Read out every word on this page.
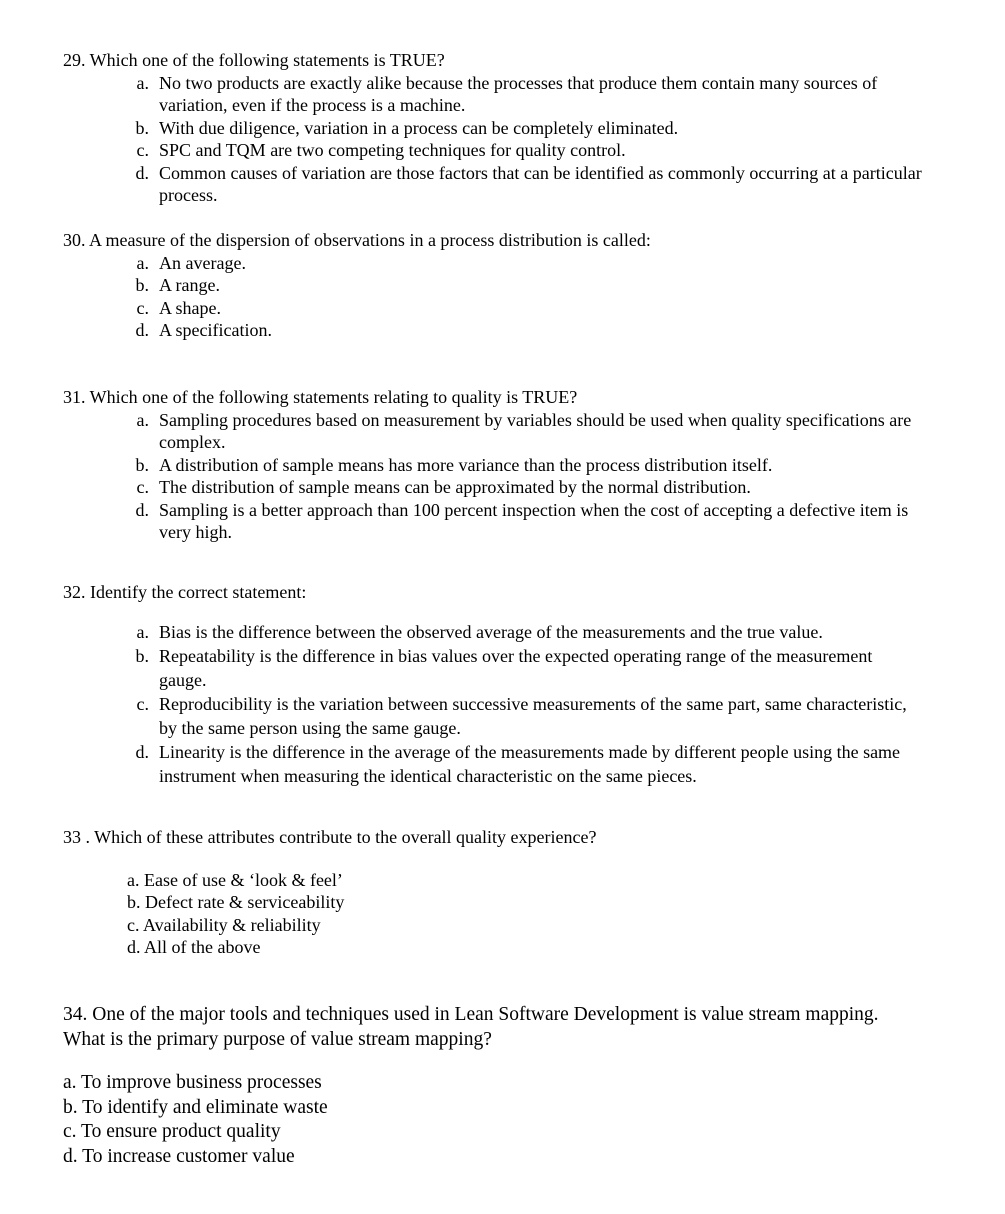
29. Which one of the following statements is TRUE?

a. No two products are exactly alike because the processes that produce them contain many sources of variation, even if the process is a machine.
b. With due diligence, variation in a process can be completely eliminated.
c. SPC and TQM are two competing techniques for quality control.
d. Common causes of variation are those factors that can be identified as commonly occurring at a particular process.

30. A measure of the dispersion of observations in a process distribution is called:

a. An average.
b. A range.
c. A shape.
d. A specification.

31. Which one of the following statements relating to quality is TRUE?

a. Sampling procedures based on measurement by variables should be used when quality specifications are complex.
b. A distribution of sample means has more variance than the process distribution itself.
c. The distribution of sample means can be approximated by the normal distribution.
d. Sampling is a better approach than 100 percent inspection when the cost of accepting a defective item is very high.

32. Identify the correct statement:

a. Bias is the difference between the observed average of the measurements and the true value.
b. Repeatability is the difference in bias values over the expected operating range of the measurement gauge.
c. Reproducibility is the variation between successive measurements of the same part, same characteristic, by the same person using the same gauge.
d. Linearity is the difference in the average of the measurements made by different people using the same instrument when measuring the identical characteristic on the same pieces.

33 . Which of these attributes contribute to the overall quality experience?

a. Ease of use & ‘look & feel’
b. Defect rate & serviceability
c. Availability & reliability
d. All of the above

34. One of the major tools and techniques used in Lean Software Development is value stream mapping. What is the primary purpose of value stream mapping?

a. To improve business processes
b. To identify and eliminate waste
c. To ensure product quality
d. To increase customer value
